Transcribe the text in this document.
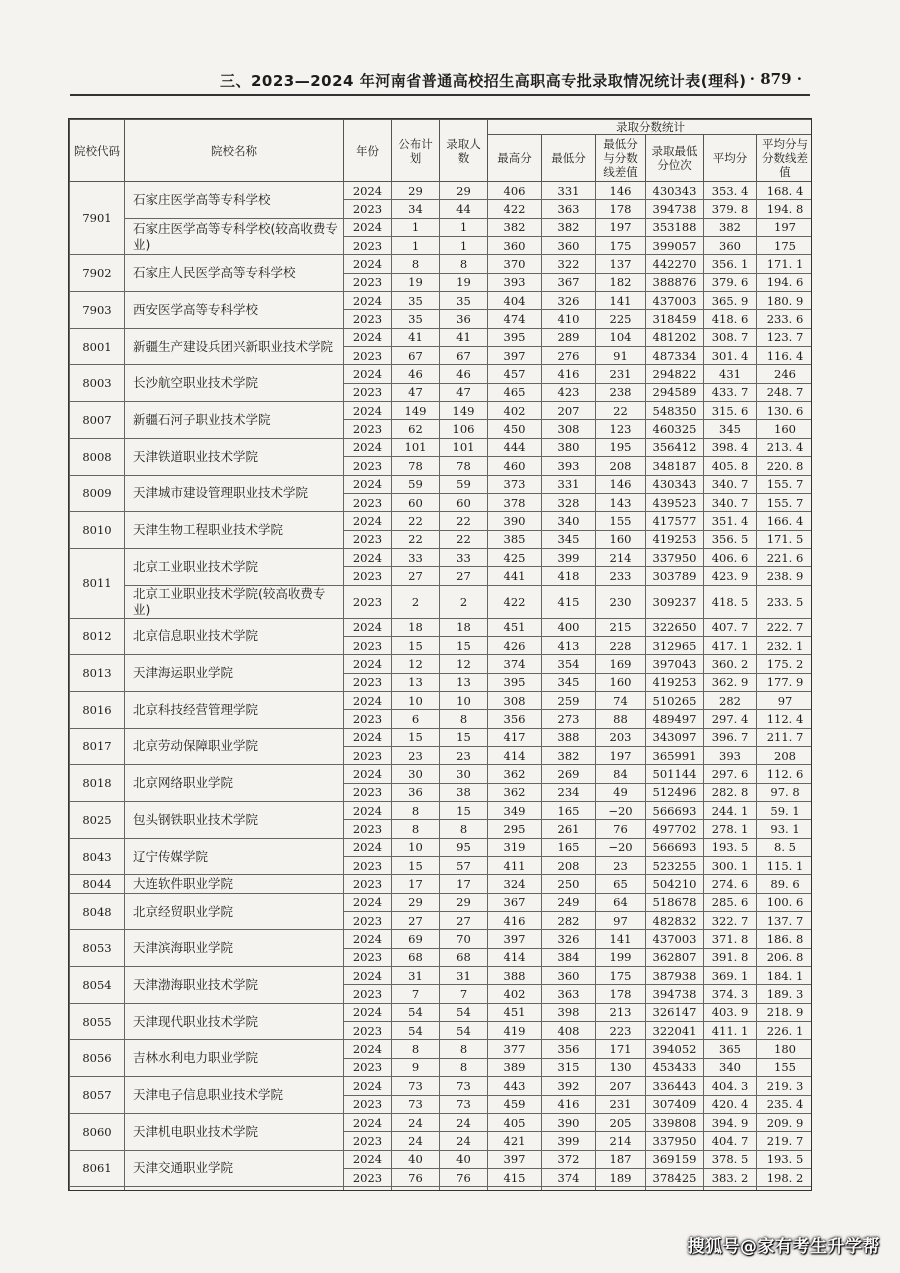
三、2023—2024 年河南省普通高校招生高职高专批录取情况统计表(理科) · 879 ·
院校代码	院校名称	年份	公布计划	录取人数	录取分数统计					
					最高分	最低分	最低分与分数线差值	录取最低分位次	平均分	平均分与分数线差值
7901	石家庄医学高等专科学校	2024	29	29	406	331	146	430343	353. 4	168. 4
		2023	34	44	422	363	178	394738	379. 8	194. 8
	石家庄医学高等专科学校(较高收费专业)	2024	1	1	382	382	197	353188	382	197
		2023	1	1	360	360	175	399057	360	175
7902	石家庄人民医学高等专科学校	2024	8	8	370	322	137	442270	356. 1	171. 1
		2023	19	19	393	367	182	388876	379. 6	194. 6
7903	西安医学高等专科学校	2024	35	35	404	326	141	437003	365. 9	180. 9
		2023	35	36	474	410	225	318459	418. 6	233. 6
8001	新疆生产建设兵团兴新职业技术学院	2024	41	41	395	289	104	481202	308. 7	123. 7
		2023	67	67	397	276	91	487334	301. 4	116. 4
8003	长沙航空职业技术学院	2024	46	46	457	416	231	294822	431	246
		2023	47	47	465	423	238	294589	433. 7	248. 7
8007	新疆石河子职业技术学院	2024	149	149	402	207	22	548350	315. 6	130. 6
		2023	62	106	450	308	123	460325	345	160
8008	天津铁道职业技术学院	2024	101	101	444	380	195	356412	398. 4	213. 4
		2023	78	78	460	393	208	348187	405. 8	220. 8
8009	天津城市建设管理职业技术学院	2024	59	59	373	331	146	430343	340. 7	155. 7
		2023	60	60	378	328	143	439523	340. 7	155. 7
8010	天津生物工程职业技术学院	2024	22	22	390	340	155	417577	351. 4	166. 4
		2023	22	22	385	345	160	419253	356. 5	171. 5
8011	北京工业职业技术学院	2024	33	33	425	399	214	337950	406. 6	221. 6
		2023	27	27	441	418	233	303789	423. 9	238. 9
	北京工业职业技术学院(较高收费专业)	2023	2	2	422	415	230	309237	418. 5	233. 5
8012	北京信息职业技术学院	2024	18	18	451	400	215	322650	407. 7	222. 7
		2023	15	15	426	413	228	312965	417. 1	232. 1
8013	天津海运职业学院	2024	12	12	374	354	169	397043	360. 2	175. 2
		2023	13	13	395	345	160	419253	362. 9	177. 9
8016	北京科技经营管理学院	2024	10	10	308	259	74	510265	282	97
		2023	6	8	356	273	88	489497	297. 4	112. 4
8017	北京劳动保障职业学院	2024	15	15	417	388	203	343097	396. 7	211. 7
		2023	23	23	414	382	197	365991	393	208
8018	北京网络职业学院	2024	30	30	362	269	84	501144	297. 6	112. 6
		2023	36	38	362	234	49	512496	282. 8	97. 8
8025	包头钢铁职业技术学院	2024	8	15	349	165	−20	566693	244. 1	59. 1
		2023	8	8	295	261	76	497702	278. 1	93. 1
8043	辽宁传媒学院	2024	10	95	319	165	−20	566693	193. 5	8. 5
		2023	15	57	411	208	23	523255	300. 1	115. 1
8044	大连软件职业学院	2023	17	17	324	250	65	504210	274. 6	89. 6
8048	北京经贸职业学院	2024	29	29	367	249	64	518678	285. 6	100. 6
		2023	27	27	416	282	97	482832	322. 7	137. 7
8053	天津滨海职业学院	2024	69	70	397	326	141	437003	371. 8	186. 8
		2023	68	68	414	384	199	362807	391. 8	206. 8
8054	天津渤海职业技术学院	2024	31	31	388	360	175	387938	369. 1	184. 1
		2023	7	7	402	363	178	394738	374. 3	189. 3
8055	天津现代职业技术学院	2024	54	54	451	398	213	326147	403. 9	218. 9
		2023	54	54	419	408	223	322041	411. 1	226. 1
8056	吉林水利电力职业学院	2024	8	8	377	356	171	394052	365	180
		2023	9	8	389	315	130	453433	340	155
8057	天津电子信息职业技术学院	2024	73	73	443	392	207	336443	404. 3	219. 3
		2023	73	73	459	416	231	307409	420. 4	235. 4
8060	天津机电职业技术学院	2024	24	24	405	390	205	339808	394. 9	209. 9
		2023	24	24	421	399	214	337950	404. 7	219. 7
8061	天津交通职业学院	2024	40	40	397	372	187	369159	378. 5	193. 5
		2023	76	76	415	374	189	378425	383. 2	198. 2

搜狐号@家有考生升学帮
